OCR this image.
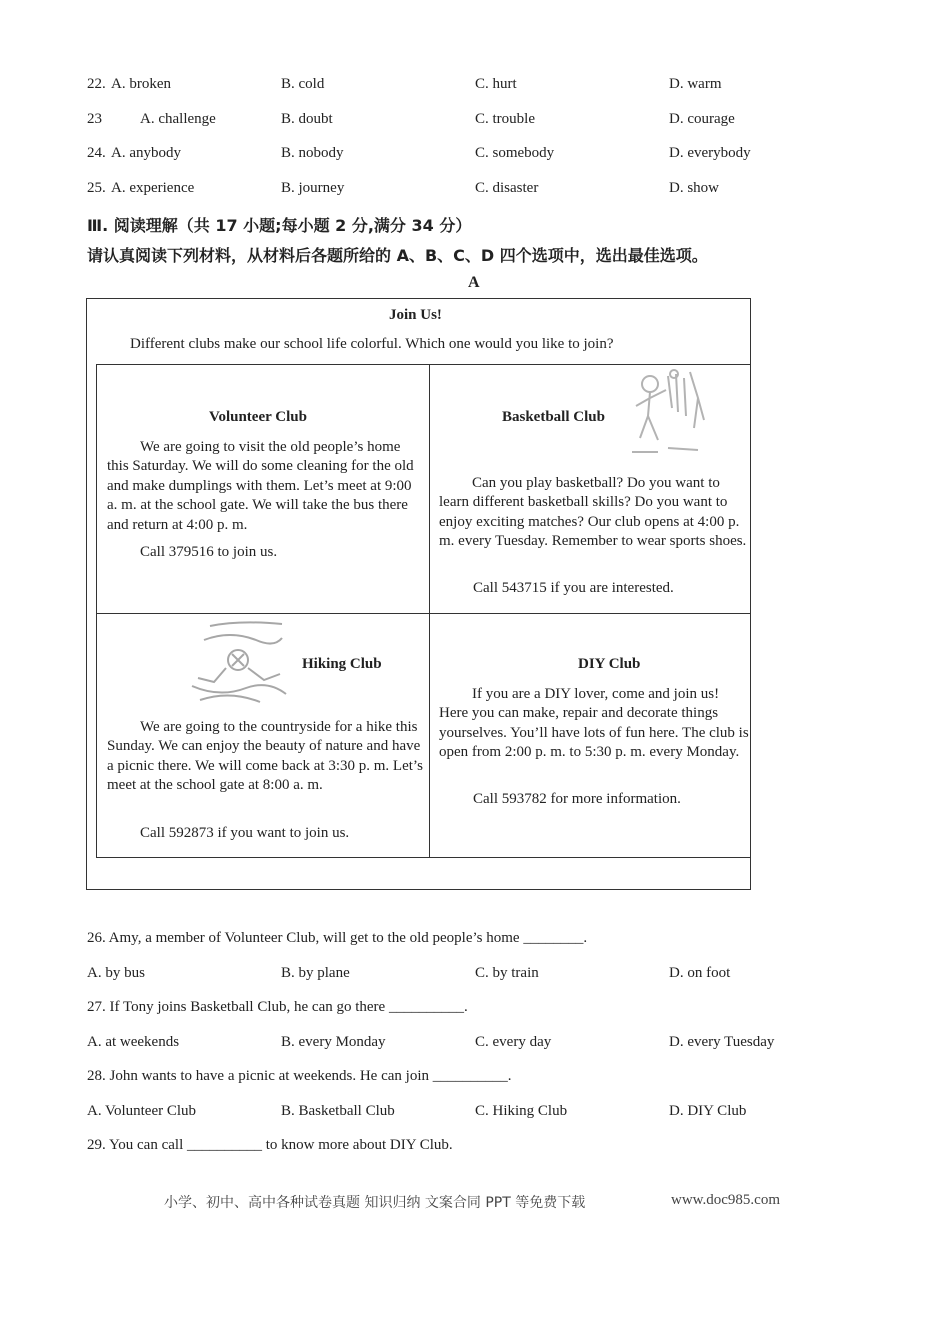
22. A. broken	B. cold	C. hurt	D. warm
23	A. challenge	B. doubt	C. trouble	D. courage
24. A. anybody	B. nobody	C. somebody	D. everybody
25. A. experience	B. journey	C. disaster	D. show
Ⅲ. 阅读理解（共 17 小题;每小题 2 分,满分 34 分）
请认真阅读下列材料，从材料后各题所给的 A、B、C、D 四个选项中，选出最佳选项。
A
Join Us!
Different clubs make our school life colorful. Which one would you like to join?
Volunteer Club
We are going to visit the old people’s home this Saturday. We will do some cleaning for the old and make dumplings with them. Let’s meet at 9:00 a. m. at the school gate. We will take the bus there and return at 4:00 p. m.
Call 379516 to join us.
Basketball Club
Can you play basketball? Do you want to learn different basketball skills? Do you want to enjoy exciting matches? Our club opens at 4:00 p. m. every Tuesday. Remember to wear sports shoes.
Call 543715 if you are interested.
Hiking Club
We are going to the countryside for a hike this Sunday. We can enjoy the beauty of nature and have a picnic there. We will come back at 3:30 p. m. Let’s meet at the school gate at 8:00 a. m.
Call 592873 if you want to join us.
DIY Club
If you are a DIY lover, come and join us! Here you can make, repair and decorate things yourselves. You’ll have lots of fun here. The club is open from 2:00 p. m. to 5:30 p. m. every Monday.
Call 593782 for more information.
26. Amy, a member of Volunteer Club, will get to the old people’s home ________.
A. by bus	B. by plane	C. by train	D. on foot
27. If Tony joins Basketball Club, he can go there __________.
A. at weekends	B. every Monday	C. every day	D. every Tuesday
28. John wants to have a picnic at weekends. He can join __________.
A. Volunteer Club	B. Basketball Club	C. Hiking Club	D. DIY Club
29. You can call __________ to know more about DIY Club.
小学、初中、高中各种试卷真题 知识归纳 文案合同 PPT 等免费下载	www.doc985.com
